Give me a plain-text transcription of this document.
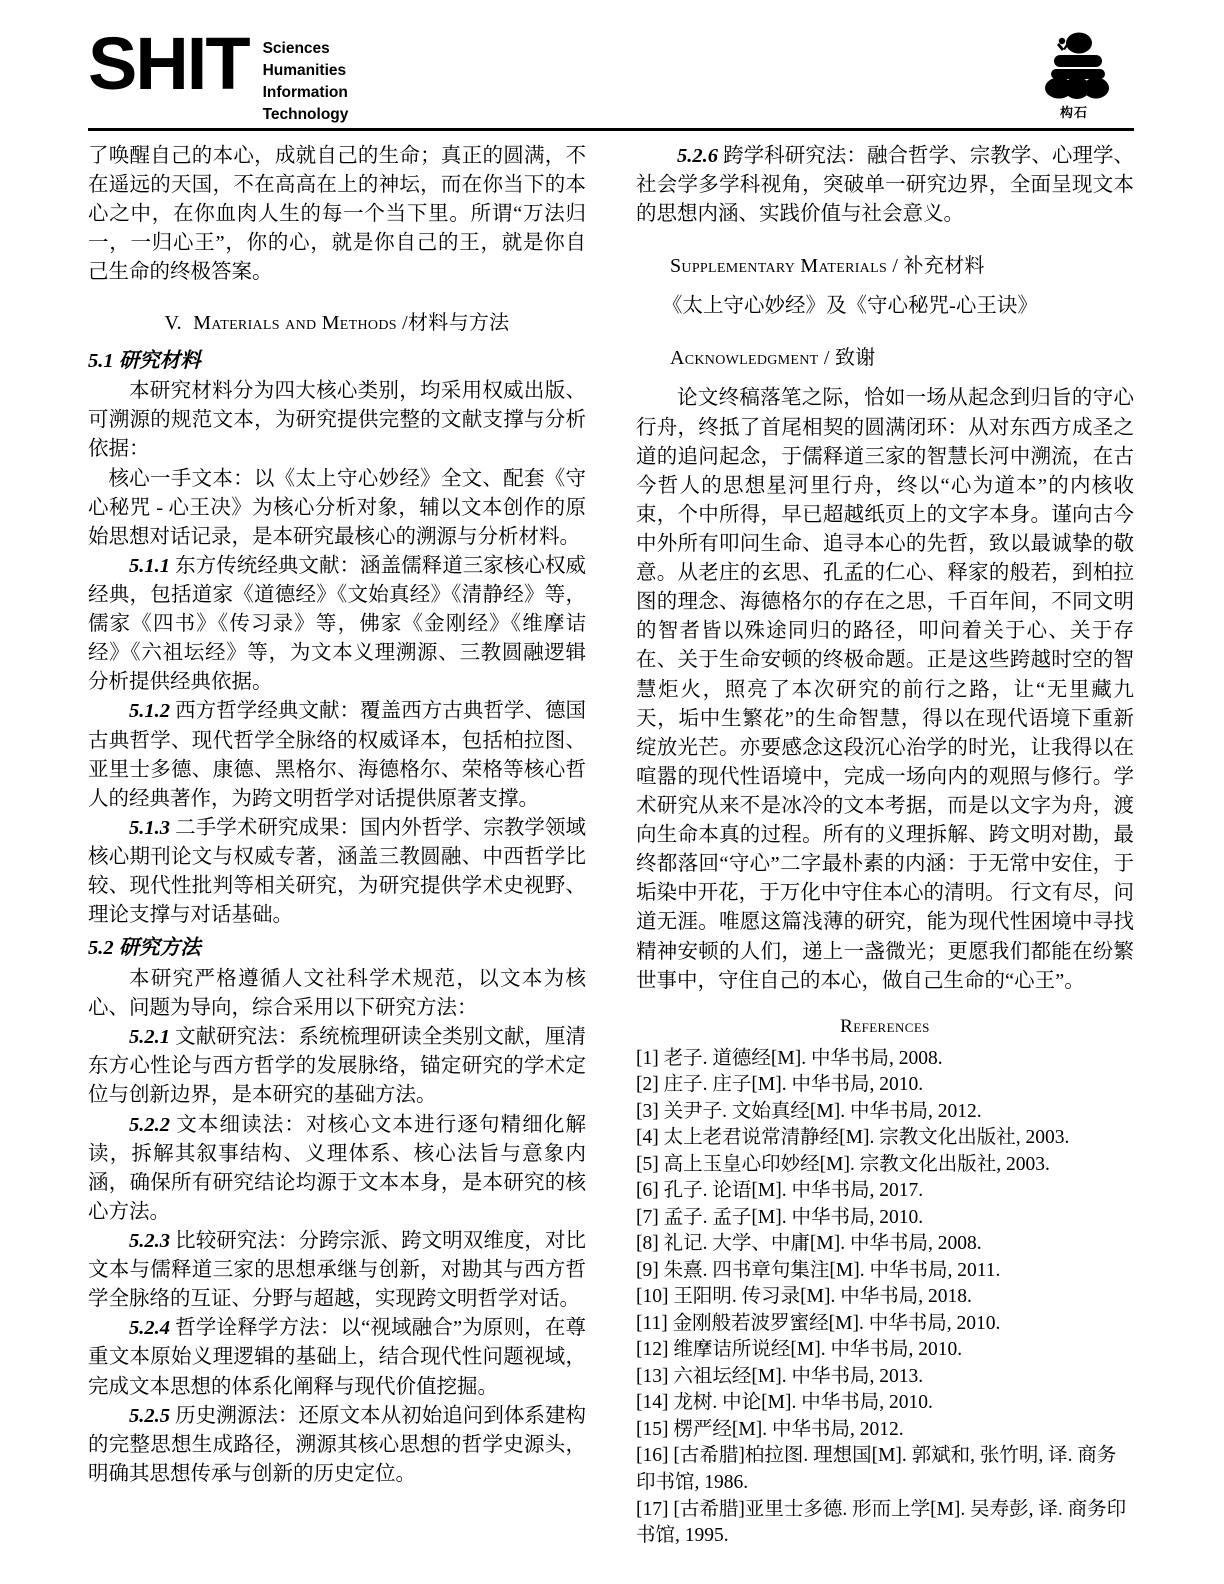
SHIT Sciences
Humanities
Information
Technology	构石

了唤醒自己的本心，成就自己的生命；真正的圆满，不在遥远的天国，不在高高在上的神坛，而在你当下的本心之中，在你血肉人生的每一个当下里。所谓“万法归一，一归心王”，你的心，就是你自己的王，就是你自己生命的终极答案。

V. Materials and Methods /材料与方法
5.1 研究材料

本研究材料分为四大核心类别，均采用权威出版、可溯源的规范文本，为研究提供完整的文献支撑与分析依据：

核心一手文本：以《太上守心妙经》全文、配套《守心秘咒 - 心王决》为核心分析对象，辅以文本创作的原始思想对话记录，是本研究最核心的溯源与分析材料。

5.1.1 东方传统经典文献：涵盖儒释道三家核心权威经典，包括道家《道德经》《文始真经》《清静经》等，儒家《四书》《传习录》等，佛家《金刚经》《维摩诘经》《六祖坛经》等，为文本义理溯源、三教圆融逻辑分析提供经典依据。

5.1.2 西方哲学经典文献：覆盖西方古典哲学、德国古典哲学、现代哲学全脉络的权威译本，包括柏拉图、亚里士多德、康德、黑格尔、海德格尔、荣格等核心哲人的经典著作，为跨文明哲学对话提供原著支撑。

5.1.3 二手学术研究成果：国内外哲学、宗教学领域核心期刊论文与权威专著，涵盖三教圆融、中西哲学比较、现代性批判等相关研究，为研究提供学术史视野、理论支撑与对话基础。

5.2 研究方法

本研究严格遵循人文社科学术规范，以文本为核心、问题为导向，综合采用以下研究方法：

5.2.1 文献研究法：系统梳理研读全类别文献，厘清东方心性论与西方哲学的发展脉络，锚定研究的学术定位与创新边界，是本研究的基础方法。

5.2.2 文本细读法：对核心文本进行逐句精细化解读，拆解其叙事结构、义理体系、核心法旨与意象内涵，确保所有研究结论均源于文本本身，是本研究的核心方法。

5.2.3 比较研究法：分跨宗派、跨文明双维度，对比文本与儒释道三家的思想承继与创新，对勘其与西方哲学全脉络的互证、分野与超越，实现跨文明哲学对话。

5.2.4 哲学诠释学方法：以“视域融合”为原则，在尊重文本原始义理逻辑的基础上，结合现代性问题视域，完成文本思想的体系化阐释与现代价值挖掘。

5.2.5 历史溯源法：还原文本从初始追问到体系建构的完整思想生成路径，溯源其核心思想的哲学史源头，明确其思想传承与创新的历史定位。

5.2.6 跨学科研究法：融合哲学、宗教学、心理学、社会学多学科视角，突破单一研究边界，全面呈现文本的思想内涵、实践价值与社会意义。

Supplementary Materials / 补充材料

《太上守心妙经》及《守心秘咒-心王诀》

Acknowledgment / 致谢

论文终稿落笔之际，恰如一场从起念到归旨的守心行舟，终抵了首尾相契的圆满闭环：从对东西方成圣之道的追问起念，于儒释道三家的智慧长河中溯流，在古今哲人的思想星河里行舟，终以“心为道本”的内核收束，个中所得，早已超越纸页上的文字本身。谨向古今中外所有叩问生命、追寻本心的先哲，致以最诚挚的敬意。从老庄的玄思、孔孟的仁心、释家的般若，到柏拉图的理念、海德格尔的存在之思，千百年间，不同文明的智者皆以殊途同归的路径，叩问着关于心、关于存在、关于生命安顿的终极命题。正是这些跨越时空的智慧炬火，照亮了本次研究的前行之路，让“无里藏九天，垢中生繁花”的生命智慧，得以在现代语境下重新绽放光芒。亦要感念这段沉心治学的时光，让我得以在喧嚣的现代性语境中，完成一场向内的观照与修行。学术研究从来不是冰冷的文本考据，而是以文字为舟，渡向生命本真的过程。所有的义理拆解、跨文明对勘，最终都落回“守心”二字最朴素的内涵：于无常中安住，于垢染中开花，于万化中守住本心的清明。 行文有尽，问道无涯。唯愿这篇浅薄的研究，能为现代性困境中寻找精神安顿的人们，递上一盏微光；更愿我们都能在纷繁世事中，守住自己的本心，做自己生命的“心王”。

References

[1] 老子. 道德经[M]. 中华书局, 2008.

[2] 庄子. 庄子[M]. 中华书局, 2010.

[3] 关尹子. 文始真经[M]. 中华书局, 2012.

[4] 太上老君说常清静经[M]. 宗教文化出版社, 2003.

[5] 高上玉皇心印妙经[M]. 宗教文化出版社, 2003.

[6] 孔子. 论语[M]. 中华书局, 2017.

[7] 孟子. 孟子[M]. 中华书局, 2010.

[8] 礼记. 大学、中庸[M]. 中华书局, 2008.

[9] 朱熹. 四书章句集注[M]. 中华书局, 2011.

[10] 王阳明. 传习录[M]. 中华书局, 2018.

[11] 金刚般若波罗蜜经[M]. 中华书局, 2010.

[12] 维摩诘所说经[M]. 中华书局, 2010.

[13] 六祖坛经[M]. 中华书局, 2013.

[14] 龙树. 中论[M]. 中华书局, 2010.

[15] 楞严经[M]. 中华书局, 2012.

[16] [古希腊]柏拉图. 理想国[M]. 郭斌和, 张竹明, 译. 商务印书馆, 1986.

[17] [古希腊]亚里士多德. 形而上学[M]. 吴寿彭, 译. 商务印书馆, 1995.
